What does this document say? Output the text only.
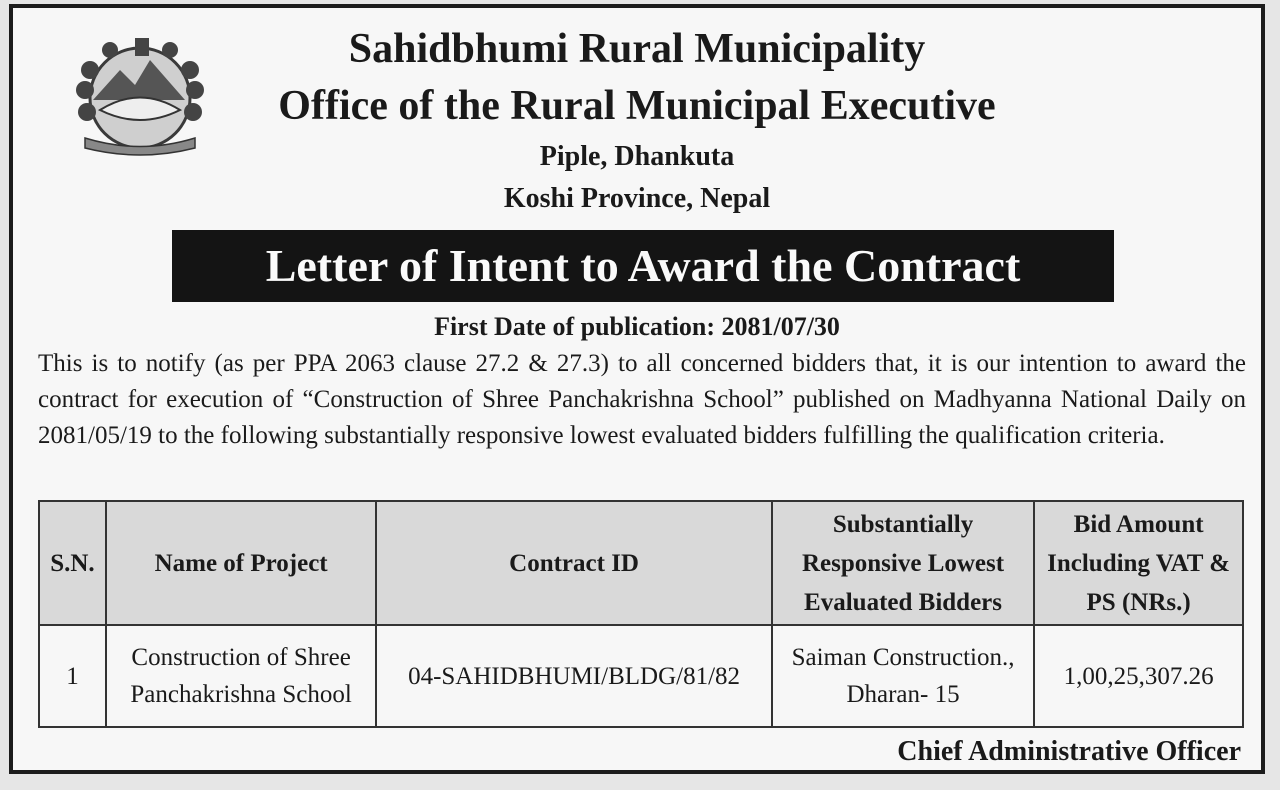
Sahidbhumi Rural Municipality
Office of the Rural Municipal Executive
Piple, Dhankuta
Koshi Province, Nepal
Letter of Intent to Award the Contract
First Date of publication: 2081/07/30
This is to notify (as per PPA 2063 clause 27.2 & 27.3) to all concerned bidders that, it is our intention to award the contract for execution of “Construction of Shree Panchakrishna School” published on Madhyanna National Daily on 2081/05/19 to the following substantially responsive lowest evaluated bidders fulfilling the qualification criteria.
S.N.	Name of Project	Contract ID	Substantially Responsive Lowest Evaluated Bidders	Bid Amount Including VAT & PS (NRs.)
1	Construction of Shree Panchakrishna School	04-SAHIDBHUMI/BLDG/81/82	Saiman Construction., Dharan- 15	1,00,25,307.26
Chief Administrative Officer
